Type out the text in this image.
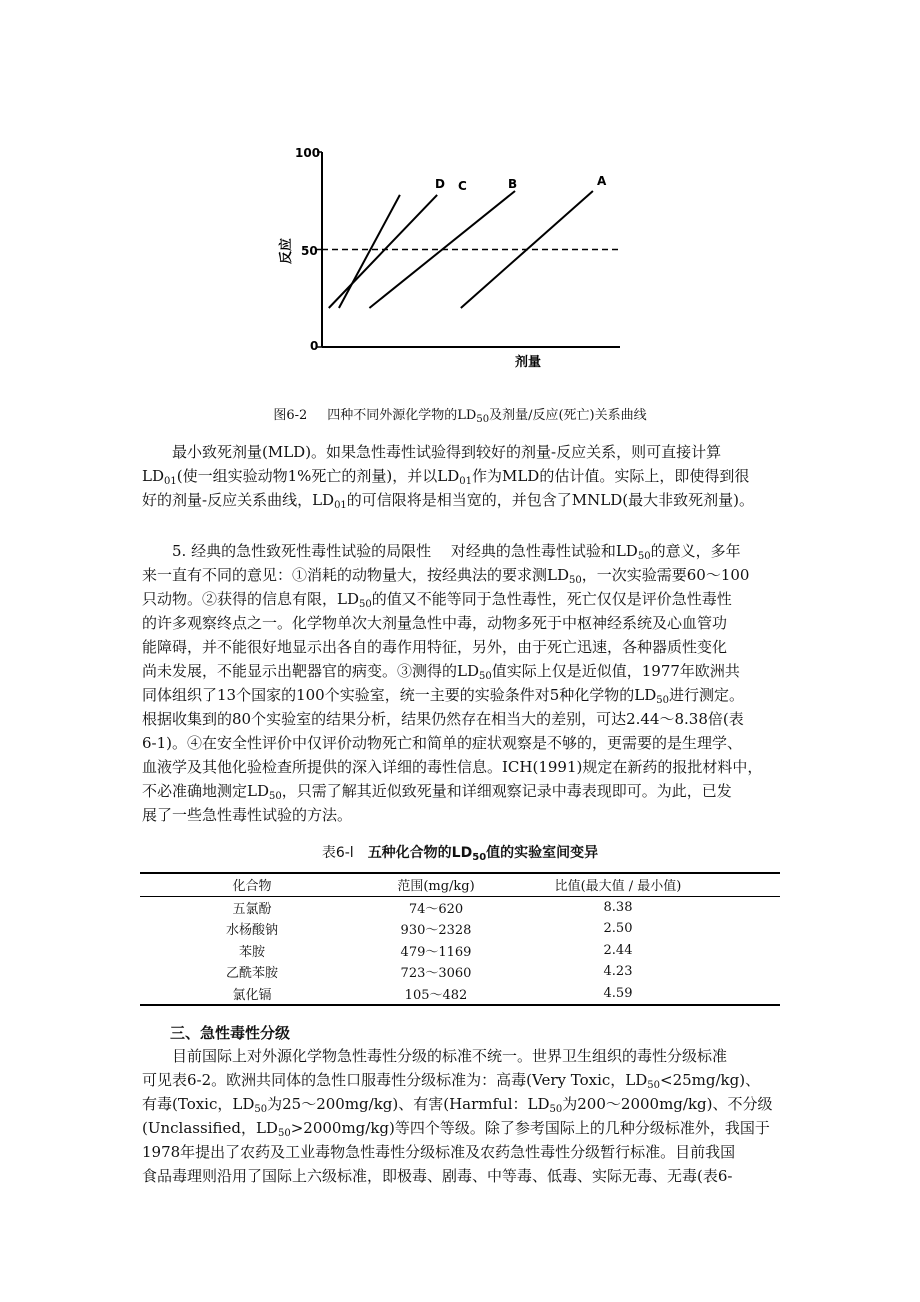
反应
剂量
100
50
0
D C	B	A
图6-2 四种不同外源化学物的$LD_{50}$及剂量/反应(死亡)关系曲线

最小致死剂量(MLD)。如果急性毒性试验得到较好的剂量-反应关系，则可直接计算
$LD_{01}$(使一组实验动物1%死亡的剂量)，并以$LD_{01}$作为MLD的估计值。实际上，即使得到很
好的剂量-反应关系曲线，$LD_{01}$的可信限将是相当宽的，并包含了MNLD(最大非致死剂量)。

5. 经典的急性致死性毒性试验的局限性　 对经典的急性毒性试验和$LD_{50}$的意义，多年
来一直有不同的意见：①消耗的动物量大，按经典法的要求测$LD_{50}$，一次实验需要60～100
只动物。②获得的信息有限，$LD_{50}$的值又不能等同于急性毒性，死亡仅仅是评价急性毒性
的许多观察终点之一。化学物单次大剂量急性中毒，动物多死于中枢神经系统及心血管功
能障碍，并不能很好地显示出各自的毒作用特征，另外，由于死亡迅速，各种器质性变化
尚未发展，不能显示出靶器官的病变。③测得的$LD_{50}$值实际上仅是近似值，1977年欧洲共
同体组织了13个国家的100个实验室，统一主要的实验条件对5种化学物的$LD_{50}$进行测定。
根据收集到的80个实验室的结果分析，结果仍然存在相当大的差别，可达2.44～8.38倍(表
6-1)。④在安全性评价中仅评价动物死亡和简单的症状观察是不够的，更需要的是生理学、
血液学及其他化验检查所提供的深入详细的毒性信息。ICH(1991)规定在新药的报批材料中，
不必准确地测定$LD_{50}$，只需了解其近似致死量和详细观察记录中毒表现即可。为此，已发
展了一些急性毒性试验的方法。

表6-l 五种化合物的$LD_{50}$值的实验室间变异
化合物	范围(mg/kg)	比值(最大值 / 最小值)	
五氯酚	74～620	8.38	
水杨酸钠	930～2328	2.50	
苯胺	479～1169	2.44	
乙酰苯胺	723～3060	4.23	
氯化镉	105～482	4.59	
三、急性毒性分级

目前国际上对外源化学物急性毒性分级的标准不统一。世界卫生组织的毒性分级标准
可见表6-2。欧洲共同体的急性口服毒性分级标准为：高毒(Very Toxic，$LD_{50}<25mg/kg$)、
有毒(Toxic，$LD_{50}$为25～200mg/kg)、有害(Harmful：$LD_{50}$为200～2000mg/kg)、不分级
(Unclassified，$LD_{50}>2000mg/kg$)等四个等级。除了参考国际上的几种分级标准外，我国于
1978年提出了农药及工业毒物急性毒性分级标准及农药急性毒性分级暂行标准。目前我国
食品毒理则沿用了国际上六级标准，即极毒、剧毒、中等毒、低毒、实际无毒、无毒(表6-
